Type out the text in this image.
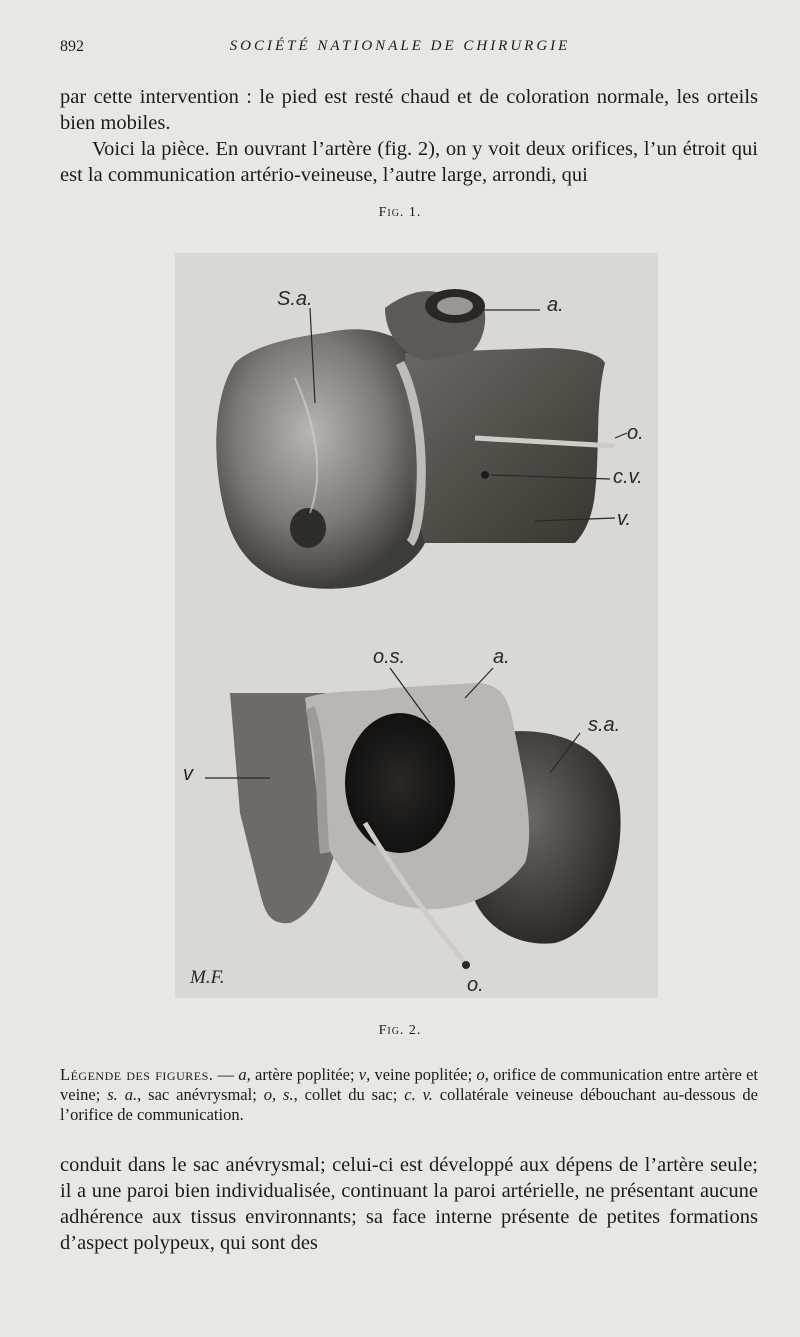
892	SOCIÉTÉ NATIONALE DE CHIRURGIE

par cette intervention : le pied est resté chaud et de coloration normale, les orteils bien mobiles.

Voici la pièce. En ouvrant l’artère (fig. 2), on y voit deux orifices, l’un étroit qui est la communication artério-veineuse, l’autre large, arrondi, qui

Fig. 1.
S.a.	a.
o.
c.v.
v.
o.s.	a.
s.a.
v
o.
M.F.
Fig. 2.

Légende des figures. — a, artère poplitée; v, veine poplitée; o, orifice de communication entre artère et veine; s. a., sac anévrysmal; o, s., collet du sac; c. v. collatérale veineuse débouchant au-dessous de l’orifice de communication.

conduit dans le sac anévrysmal; celui-ci est développé aux dépens de l’artère seule; il a une paroi bien individualisée, continuant la paroi artérielle, ne présentant aucune adhérence aux tissus environnants; sa face interne présente de petites formations d’aspect polypeux, qui sont des
